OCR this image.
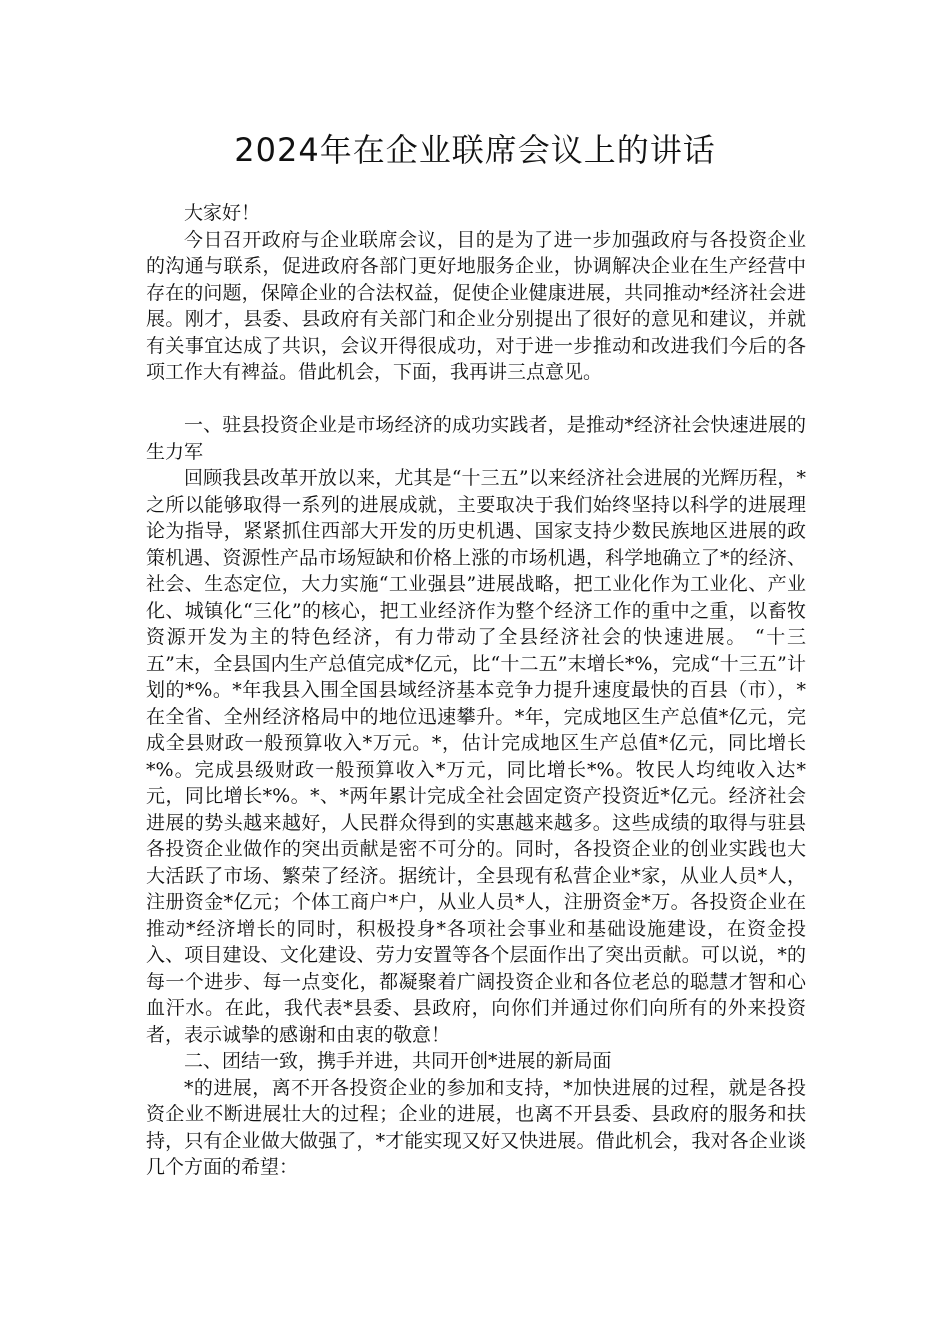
2024年在企业联席会议上的讲话

大家好！

今日召开政府与企业联席会议，目的是为了进一步加强政府与各投资企业的沟通与联系，促进政府各部门更好地服务企业，协调解决企业在生产经营中存在的问题，保障企业的合法权益，促使企业健康进展，共同推动*经济社会进展。刚才，县委、县政府有关部门和企业分别提出了很好的意见和建议，并就有关事宜达成了共识，会议开得很成功，对于进一步推动和改进我们今后的各项工作大有裨益。借此机会，下面，我再讲三点意见。

一、驻县投资企业是市场经济的成功实践者，是推动*经济社会快速进展的生力军

回顾我县改革开放以来，尤其是“十三五”以来经济社会进展的光辉历程，*之所以能够取得一系列的进展成就，主要取决于我们始终坚持以科学的进展理论为指导，紧紧抓住西部大开发的历史机遇、国家支持少数民族地区进展的政策机遇、资源性产品市场短缺和价格上涨的市场机遇，科学地确立了*的经济、社会、生态定位，大力实施“工业强县”进展战略，把工业化作为工业化、产业化、城镇化“三化”的核心，把工业经济作为整个经济工作的重中之重，以畜牧资源开发为主的特色经济，有力带动了全县经济社会的快速进展。 “十三五”末，全县国内生产总值完成*亿元，比“十二五”末增长*%，完成“十三五”计划的*%。*年我县入围全国县域经济基本竞争力提升速度最快的百县（市），*在全省、全州经济格局中的地位迅速攀升。*年，完成地区生产总值*亿元，完成全县财政一般预算收入*万元。*，估计完成地区生产总值*亿元，同比增长*%。完成县级财政一般预算收入*万元，同比增长*%。牧民人均纯收入达*元，同比增长*%。*、*两年累计完成全社会固定资产投资近*亿元。经济社会进展的势头越来越好，人民群众得到的实惠越来越多。这些成绩的取得与驻县各投资企业做作的突出贡献是密不可分的。同时，各投资企业的创业实践也大大活跃了市场、繁荣了经济。据统计，全县现有私营企业*家，从业人员*人，注册资金*亿元；个体工商户*户，从业人员*人，注册资金*万。各投资企业在推动*经济增长的同时，积极投身*各项社会事业和基础设施建设，在资金投入、项目建设、文化建设、劳力安置等各个层面作出了突出贡献。可以说，*的每一个进步、每一点变化，都凝聚着广阔投资企业和各位老总的聪慧才智和心血汗水。在此，我代表*县委、县政府，向你们并通过你们向所有的外来投资者，表示诚挚的感谢和由衷的敬意！

二、团结一致，携手并进，共同开创*进展的新局面

*的进展，离不开各投资企业的参加和支持，*加快进展的过程，就是各投资企业不断进展壮大的过程；企业的进展，也离不开县委、县政府的服务和扶持，只有企业做大做强了，*才能实现又好又快进展。借此机会，我对各企业谈几个方面的希望：
